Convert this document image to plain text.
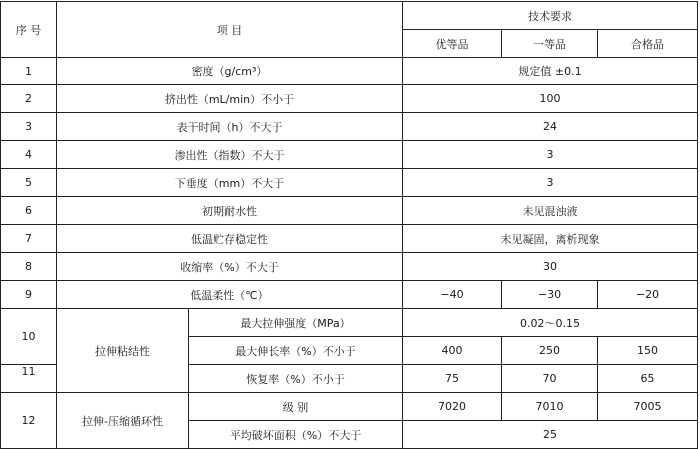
序 号	项 目		技术要求		
			优等品	一等品	合格品
1	密度（g/cm³）		规定值 ±0.1		
2	挤出性（mL/min）不小于		100		
3	表干时间（h）不大于		24		
4	渗出性（指数）不大于		3		
5	下垂度（mm）不大于		3		
6	初期耐水性		未见混浊液		
7	低温贮存稳定性		未见凝固，离析现象		
8	收缩率（%）不大于		30		
9	低温柔性（℃）		−40	−30	−20
10	拉伸粘结性	最大拉伸强度（MPa）	0.02～0.15		
		最大伸长率（%）不小于	400	250	150
11		恢复率（%）不小于	75	70	65
12	拉伸-压缩循环性	级 别	7020	7010	7005
		平均破坏面积（%）不大于	25		
